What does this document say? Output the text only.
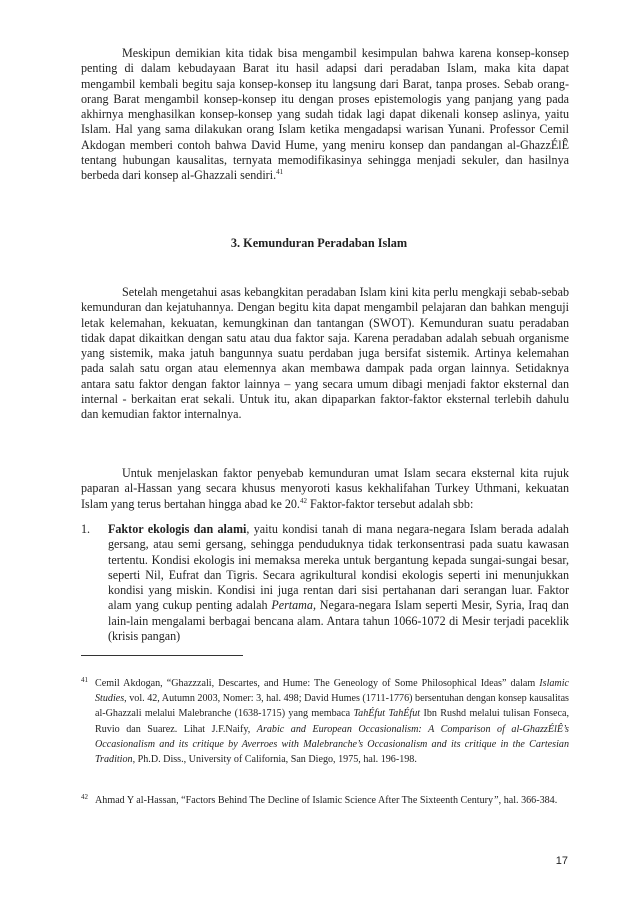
Meskipun demikian kita tidak bisa mengambil kesimpulan bahwa karena konsep-konsep penting di dalam kebudayaan Barat itu hasil adapsi dari peradaban Islam, maka kita dapat mengambil kembali begitu saja konsep-konsep itu langsung dari Barat, tanpa proses. Sebab orang-orang Barat mengambil konsep-konsep itu dengan proses epistemologis yang panjang yang pada akhirnya menghasilkan konsep-konsep yang sudah tidak lagi dapat dikenali konsep aslinya, yaitu Islam. Hal yang sama dilakukan orang Islam ketika mengadapsi warisan Yunani. Professor Cemil Akdogan memberi contoh bahwa David Hume, yang meniru konsep dan pandangan al-GhazzÉlÊ tentang hubungan kausalitas, ternyata memodifikasinya sehingga menjadi sekuler, dan hasilnya berbeda dari konsep al-Ghazzali sendiri.$^{41}$

3. Kemunduran Peradaban Islam

Setelah mengetahui asas kebangkitan peradaban Islam kini kita perlu mengkaji sebab-sebab kemunduran dan kejatuhannya. Dengan begitu kita dapat mengambil pelajaran dan bahkan menguji letak kelemahan, kekuatan, kemungkinan dan tantangan (SWOT). Kemunduran suatu peradaban tidak dapat dikaitkan dengan satu atau dua faktor saja. Karena peradaban adalah sebuah organisme yang sistemik, maka jatuh bangunnya suatu perdaban juga bersifat sistemik. Artinya kelemahan pada salah satu organ atau elemennya akan membawa dampak pada organ lainnya. Setidaknya antara satu faktor dengan faktor lainnya – yang secara umum dibagi menjadi faktor eksternal dan internal - berkaitan erat sekali. Untuk itu, akan dipaparkan faktor-faktor eksternal terlebih dahulu dan kemudian faktor internalnya.

Untuk menjelaskan faktor penyebab kemunduran umat Islam secara eksternal kita rujuk paparan al-Hassan yang secara khusus menyoroti kasus kekhalifahan Turkey Uthmani, kekuatan Islam yang terus bertahan hingga abad ke 20.42 Faktor-faktor tersebut adalah sbb:

1.	Faktor ekologis dan alami, yaitu kondisi tanah di mana negara-negara Islam berada adalah gersang, atau semi gersang, sehingga penduduknya tidak terkonsentrasi pada suatu kawasan tertentu. Kondisi ekologis ini memaksa mereka untuk bergantung kepada sungai-sungai besar, seperti Nil, Eufrat dan Tigris. Secara agrikultural kondisi ekologis seperti ini menunjukkan kondisi yang miskin. Kondisi ini juga rentan dari sisi pertahanan dari serangan luar. Faktor alam yang cukup penting adalah Pertama, Negara-negara Islam seperti Mesir, Syria, Iraq dan lain-lain mengalami berbagai bencana alam. Antara tahun 1066-1072 di Mesir terjadi paceklik (krisis pangan)
41 Cemil Akdogan, “Ghazzzali, Descartes, and Hume: The Geneology of Some Philosophical Ideas” dalam Islamic Studies, vol. 42, Autumn 2003, Nomer: 3, hal. 498; David Humes (1711-1776) bersentuhan dengan konsep kausalitas al-Ghazzali melalui Malebranche (1638-1715) yang membaca TahÉfut TahÉfut Ibn Rushd melalui tulisan Fonseca, Ruvio dan Suarez. Lihat J.F.Naify, Arabic and European Occasionalism: A Comparison of al-GhazzÉlÊ’s Occasionalism and its critique by Averroes with Malebranche’s Occasionalism and its critique in the Cartesian Tradition, Ph.D. Diss., University of California, San Diego, 1975, hal. 196-198.
42 Ahmad Y al-Hassan, “Factors Behind The Decline of Islamic Science After The Sixteenth Century”, hal. 366-384.
17
